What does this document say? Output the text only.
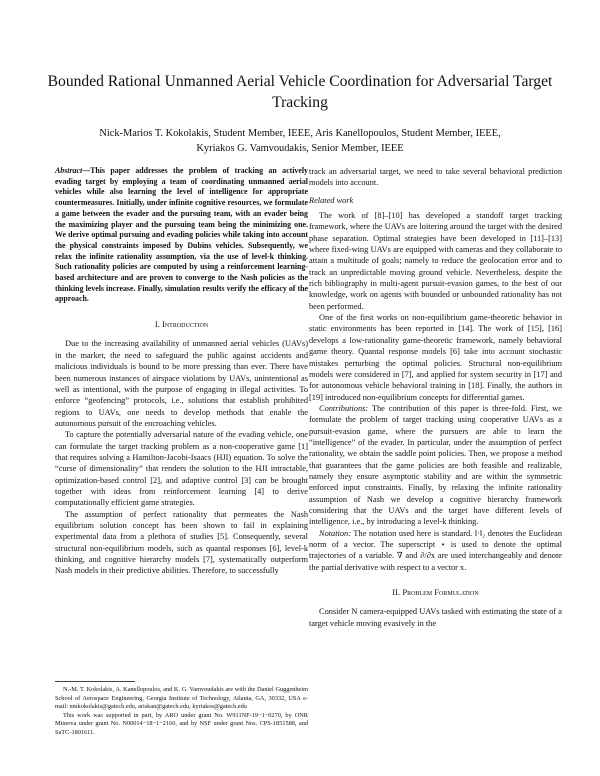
Bounded Rational Unmanned Aerial Vehicle Coordination for Adversarial Target Tracking
Nick-Marios T. Kokolakis, Student Member, IEEE, Aris Kanellopoulos, Student Member, IEEE,
Kyriakos G. Vamvoudakis, Senior Member, IEEE
Abstract—This paper addresses the problem of tracking an actively evading target by employing a team of coordinating unmanned aerial vehicles while also learning the level of intelligence for appropriate countermeasures. Initially, under infinite cognitive resources, we formulate a game between the evader and the pursuing team, with an evader being the maximizing player and the pursuing team being the minimizing one. We derive optimal pursuing and evading policies while taking into account the physical constraints imposed by Dubins vehicles. Subsequently, we relax the infinite rationality assumption, via the use of level-k thinking. Such rationality policies are computed by using a reinforcement learning-based architecture and are proven to converge to the Nash policies as the thinking levels increase. Finally, simulation results verify the efficacy of the approach.
I. Introduction

Due to the increasing availability of unmanned aerial vehicles (UAVs) in the market, the need to safeguard the public against accidents and malicious individuals is bound to be more pressing than ever. There have been numerous instances of airspace violations by UAVs, unintentional as well as intentional, with the purpose of engaging in illegal activities. To enforce “geofencing” protocols, i.e., solutions that establish prohibited regions to UAVs, one needs to develop methods that enable the autonomous pursuit of the encroaching vehicles.

To capture the potentially adversarial nature of the evading vehicle, one can formulate the target tracking problem as a non-cooperative game [1] that requires solving a Hamilton-Jacobi-Isaacs (HJI) equation. To solve the “curse of dimensionality” that renders the solution to the HJI intractable, optimization-based control [2], and adaptive control [3] can be brought together with ideas from reinforcement learning [4] to derive computationally efficient game strategies.

The assumption of perfect rationality that permeates the Nash equilibrium solution concept has been shown to fail in explaining experimental data from a plethora of studies [5]. Consequently, several structural non-equilibrium models, such as quantal responses [6], level-k thinking, and cognitive hierarchy models [7], systematically outperform Nash models in their predictive abilities. Therefore, to successfully

N.-M. T. Kokolakis, A. Kanellopoulos, and K. G. Vamvoudakis are with the Daniel Guggenheim School of Aerospace Engineering, Georgia Institute of Technology, Atlanta, GA, 30332, USA e-mail: nmkokolakis@gatech.edu, ariskan@gatech.edu, kyriakos@gatech.edu

This work was supported in part, by ARO under grant No. W911NF-19−1−0270, by ONR Minerva under grant No. N00014−18−1−2160, and by NSF under grant Nos. CPS-1851588, and SaTC-1801611.

track an adversarial target, we need to take several behavioral prediction models into account.

Related work

The work of [8]–[10] has developed a standoff target tracking framework, where the UAVs are loitering around the target with the desired phase separation. Optimal strategies have been developed in [11]–[13] where fixed-wing UAVs are equipped with cameras and they collaborate to attain a multitude of goals; namely to reduce the geolocation error and to track an unpredictable moving ground vehicle. Nevertheless, despite the rich bibliography in multi-agent pursuit-evasion games, to the best of our knowledge, work on agents with bounded or unbounded rationality has not been performed.

One of the first works on non-equilibrium game-theoretic behavior in static environments has been reported in [14]. The work of [15], [16] develops a low-rationality game-theoretic framework, namely behavioral game theory. Quantal response models [6] take into account stochastic mistakes perturbing the optimal policies. Structural non-equilibrium models were considered in [7], and applied for system security in [17] and for autonomous vehicle behavioral training in [18]. Finally, the authors in [19] introduced non-equilibrium concepts for differential games.

Contributions: The contribution of this paper is three-fold. First, we formulate the problem of target tracking using cooperative UAVs as a pursuit-evasion game, where the pursuers are able to learn the “intelligence” of the evader. In particular, under the assumption of perfect rationality, we obtain the saddle point policies. Then, we propose a method that guarantees that the game policies are both feasible and realizable, namely they ensure asymptotic stability and are within the symmetric enforced input constraints. Finally, by relaxing the infinite rationality assumption of Nash we develop a cognitive hierarchy framework considering that the UAVs and the target have different levels of intelligence, i.e., by introducing a level-k thinking.

Notation: The notation used here is standard. ‖·‖₂ denotes the Euclidean norm of a vector. The superscript ⋆ is used to denote the optimal trajectories of a variable. ∇ and ∂/∂x are used interchangeably and denote the partial derivative with respect to a vector x.

II. Problem Formulation

Consider N camera-equipped UAVs tasked with estimating the state of a target vehicle moving evasively in the
